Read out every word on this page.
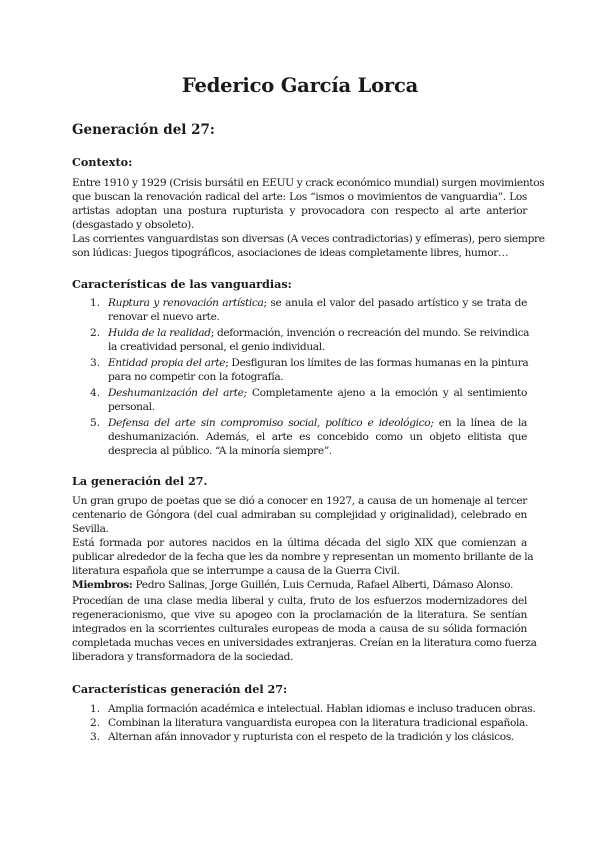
Federico García Lorca
Generación del 27:
Contexto:
Entre 1910 y 1929 (Crisis bursátil en EEUU y crack económico mundial) surgen movimientos
que buscan la renovación radical del arte: Los “ismos o movimientos de vanguardia”. Los
artistas adoptan una postura rupturista y provocadora con respecto al arte anterior
(desgastado y obsoleto).
Las corrientes vanguardistas son diversas (A veces contradictorias) y efímeras), pero siempre
son lúdicas: Juegos tipográficos, asociaciones de ideas completamente libres, humor…
Características de las vanguardias:
1. Ruptura y renovación artística; se anula el valor del pasado artístico y se trata de
renovar el nuevo arte.
2. Huida de la realidad; deformación, invención o recreación del mundo. Se reivindica
la creatividad personal, el genio individual.
3. Entidad propia del arte; Desfiguran los límites de las formas humanas en la pintura
para no competir con la fotografía.
4. Deshumanización del arte; Completamente ajeno a la emoción y al sentimiento
personal.
5. Defensa del arte sin compromiso social, político e ideológico; en la línea de la
deshumanización. Además, el arte es concebido como un objeto elitista que
desprecia al público. “A la minoría siempre”.
La generación del 27.
Un gran grupo de poetas que se dió a conocer en 1927, a causa de un homenaje al tercer
centenario de Góngora (del cual admiraban su complejidad y originalidad), celebrado en
Sevilla.
Está formada por autores nacidos en la última década del siglo XIX que comienzan a
publicar alrededor de la fecha que les da nombre y representan un momento brillante de la
literatura española que se interrumpe a causa de la Guerra Civil.
Miembros: Pedro Salinas, Jorge Guillén, Luis Cernuda, Rafael Alberti, Dámaso Alonso.
Procedían de una clase media liberal y culta, fruto de los esfuerzos modernizadores del
regeneracionismo, que vive su apogeo con la proclamación de la literatura. Se sentían
integrados en la scorrientes culturales europeas de moda a causa de su sólida formación
completada muchas veces en universidades extranjeras. Creían en la literatura como fuerza
liberadora y transformadora de la sociedad.
Características generación del 27:
1. Amplia formación académica e intelectual. Hablan idiomas e incluso traducen obras.
2. Combinan la literatura vanguardista europea con la literatura tradicional española.
3. Alternan afán innovador y rupturista con el respeto de la tradición y los clásicos.
